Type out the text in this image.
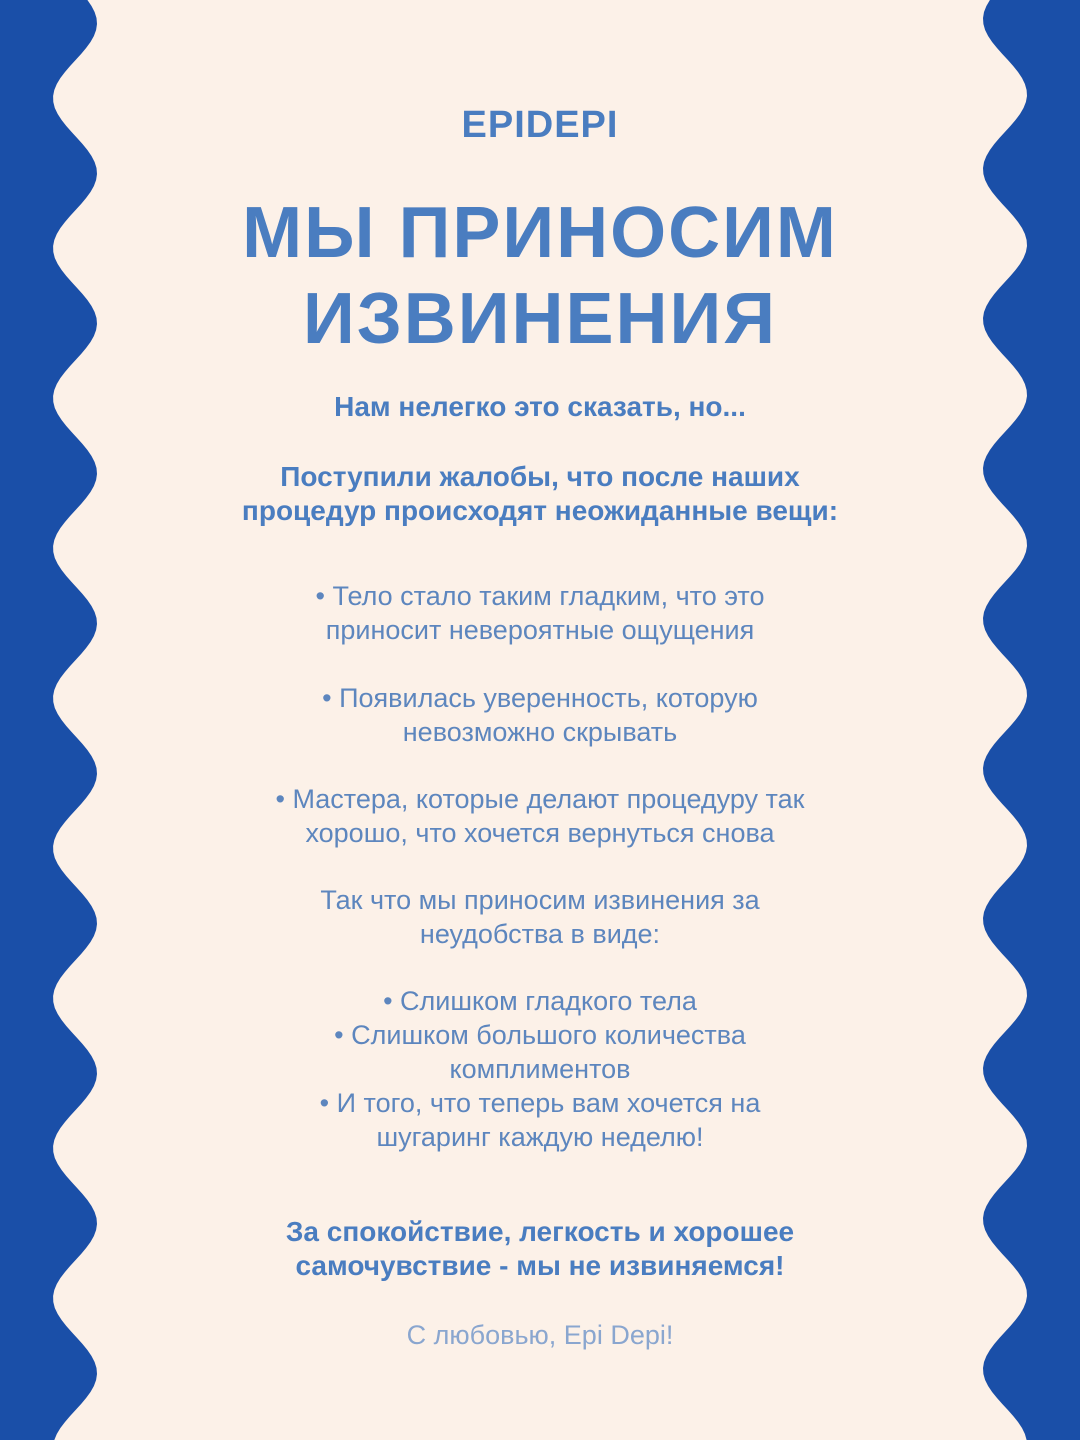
EPIDEPI
МЫ ПРИНОСИМ
ИЗВИНЕНИЯ
Нам нелегко это сказать, но...
Поступили жалобы, что после наших
процедур происходят неожиданные вещи:
• Тело стало таким гладким, что это
приносит невероятные ощущения
• Появилась уверенность, которую
невозможно скрывать
• Мастера, которые делают процедуру так
хорошо, что хочется вернуться снова
Так что мы приносим извинения за
неудобства в виде:
• Слишком гладкого тела
• Слишком большого количества
комплиментов
• И того, что теперь вам хочется на
шугаринг каждую неделю!
За спокойствие, легкость и хорошее
самочувствие - мы не извиняемся!
С любовью, Epi Depi!
